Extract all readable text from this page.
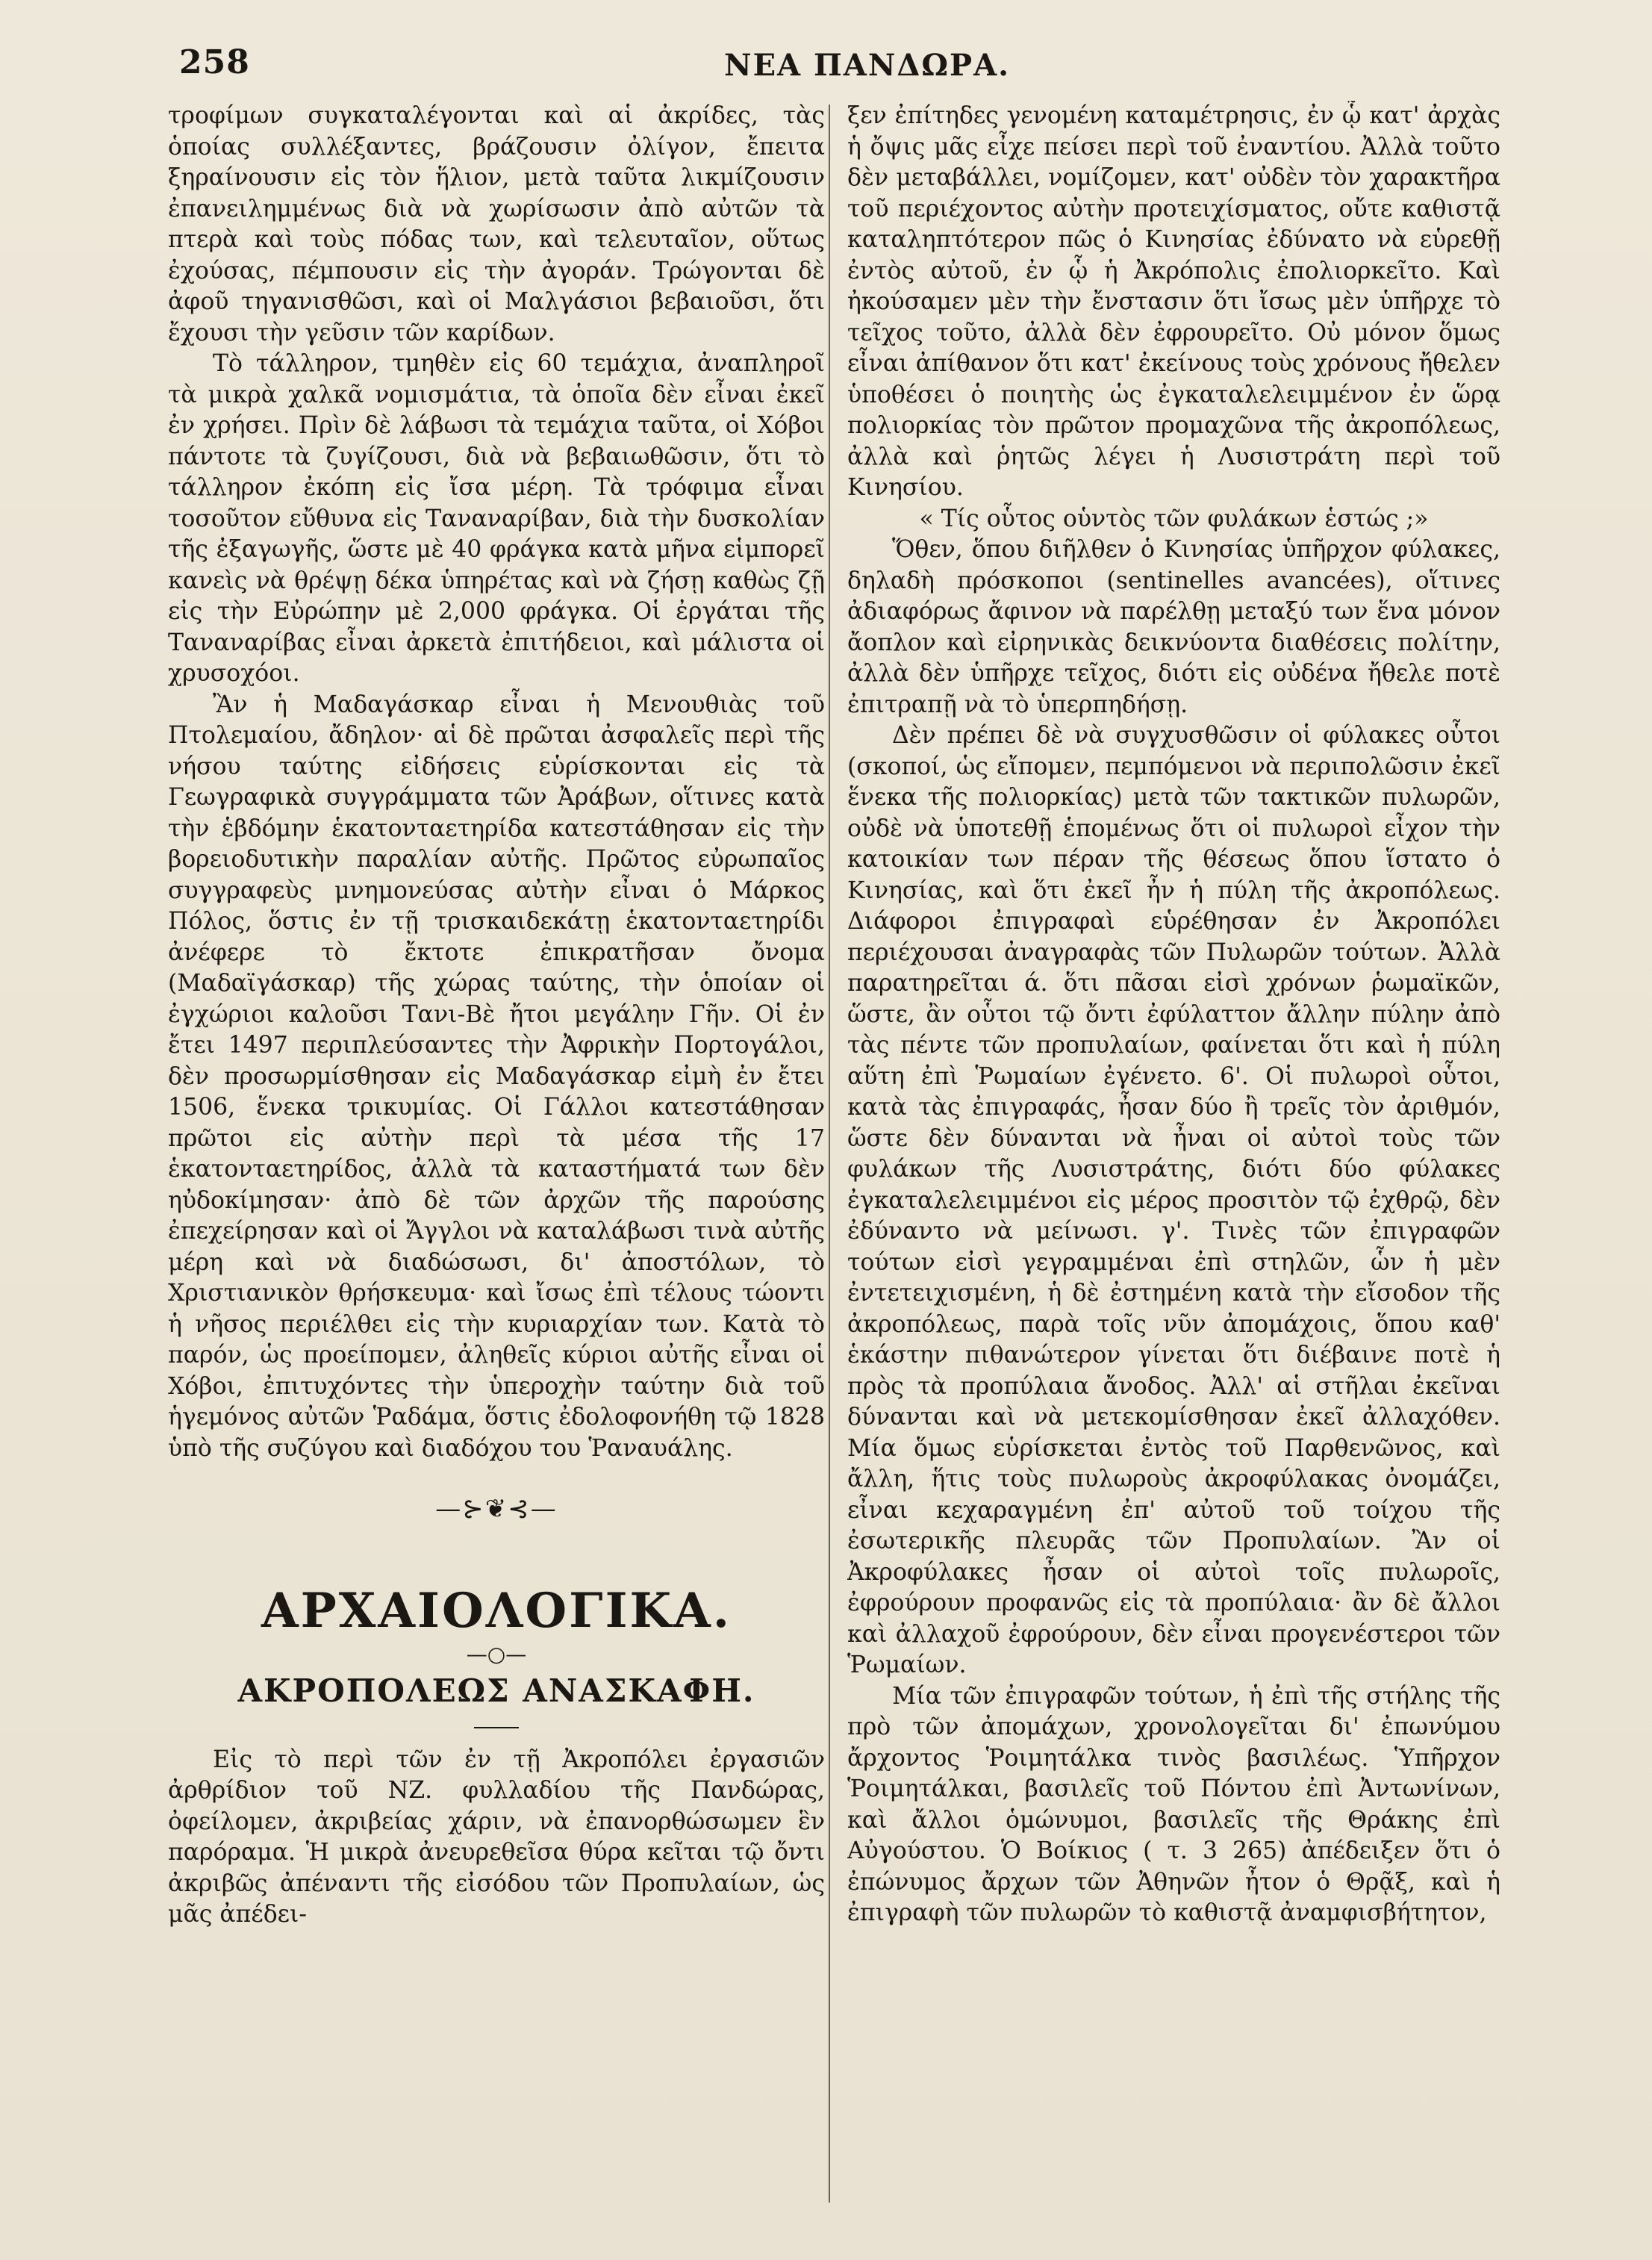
258	ΝΕΑ ΠΑΝΔΩΡΑ.

τροφίμων συγκαταλέγονται καὶ αἱ ἀκρίδες, τὰς ὁποίας συλλέξαντες, βράζουσιν ὀλίγον, ἔπειτα ξηραίνουσιν εἰς τὸν ἥλιον, μετὰ ταῦτα λικμίζουσιν ἐπανειλημμένως διὰ νὰ χωρίσωσιν ἀπὸ αὐτῶν τὰ πτερὰ καὶ τοὺς πόδας των, καὶ τελευταῖον, οὕτως ἐχούσας, πέμπουσιν εἰς τὴν ἀγοράν. Τρώγονται δὲ ἀφοῦ τηγανισθῶσι, καὶ οἱ Μαλγάσιοι βεβαιοῦσι, ὅτι ἔχουσι τὴν γεῦσιν τῶν καρίδων.

Τὸ τάλληρον, τμηθὲν εἰς 60 τεμάχια, ἀναπληροῖ τὰ μικρὰ χαλκᾶ νομισμάτια, τὰ ὁποῖα δὲν εἶναι ἐκεῖ ἐν χρήσει. Πρὶν δὲ λάβωσι τὰ τεμάχια ταῦτα, οἱ Χόβοι πάντοτε τὰ ζυγίζουσι, διὰ νὰ βεβαιωθῶσιν, ὅτι τὸ τάλληρον ἐκόπη εἰς ἴσα μέρη. Τὰ τρόφιμα εἶναι τοσοῦτον εὔθυνα εἰς Ταναναρίβαν, διὰ τὴν δυσκολίαν τῆς ἐξαγωγῆς, ὥστε μὲ 40 φράγκα κατὰ μῆνα εἱμπορεῖ κανεὶς νὰ θρέψῃ δέκα ὑπηρέτας καὶ νὰ ζήσῃ καθὼς ζῇ εἰς τὴν Εὐρώπην μὲ 2,000 φράγκα. Οἱ ἐργάται τῆς Ταναναρίβας εἶναι ἀρκετὰ ἐπιτήδειοι, καὶ μάλιστα οἱ χρυσοχόοι.

Ἂν ἡ Μαδαγάσκαρ εἶναι ἡ Μενουθιὰς τοῦ Πτολεμαίου, ἄδηλον· αἱ δὲ πρῶται ἀσφαλεῖς περὶ τῆς νήσου ταύτης εἰδήσεις εὑρίσκονται εἰς τὰ Γεωγραφικὰ συγγράμματα τῶν Ἀράβων, οἵτινες κατὰ τὴν ἑβδόμην ἑκατονταετηρίδα κατεστάθησαν εἰς τὴν βορειοδυτικὴν παραλίαν αὐτῆς. Πρῶτος εὐρωπαῖος συγγραφεὺς μνημονεύσας αὐτὴν εἶναι ὁ Μάρκος Πόλος, ὅστις ἐν τῇ τρισκαιδεκάτῃ ἑκατονταετηρίδι ἀνέφερε τὸ ἔκτοτε ἐπικρατῆσαν ὄνομα (Μαδαϊγάσκαρ) τῆς χώρας ταύτης, τὴν ὁποίαν οἱ ἐγχώριοι καλοῦσι Τανι-Βὲ ἤτοι μεγάλην Γῆν. Οἱ ἐν ἔτει 1497 περιπλεύσαντες τὴν Ἀφρικὴν Πορτογάλοι, δὲν προσωρμίσθησαν εἰς Μαδαγάσκαρ εἰμὴ ἐν ἔτει 1506, ἕνεκα τρικυμίας. Οἱ Γάλλοι κατεστάθησαν πρῶτοι εἰς αὐτὴν περὶ τὰ μέσα τῆς 17 ἑκατονταετηρίδος, ἀλλὰ τὰ καταστήματά των δὲν ηὐδοκίμησαν· ἀπὸ δὲ τῶν ἀρχῶν τῆς παρούσης ἐπεχείρησαν καὶ οἱ Ἄγγλοι νὰ καταλάβωσι τινὰ αὐτῆς μέρη καὶ νὰ διαδώσωσι, δι' ἀποστόλων, τὸ Χριστιανικὸν θρήσκευμα· καὶ ἴσως ἐπὶ τέλους τώοντι ἡ νῆσος περιέλθει εἰς τὴν κυριαρχίαν των. Κατὰ τὸ παρόν, ὡς προείπομεν, ἀληθεῖς κύριοι αὐτῆς εἶναι οἱ Χόβοι, ἐπιτυχόντες τὴν ὑπεροχὴν ταύτην διὰ τοῦ ἡγεμόνος αὐτῶν Ῥαδάμα, ὅστις ἐδολοφονήθη τῷ 1828 ὑπὸ τῆς συζύγου καὶ διαδόχου του Ῥαναυάλης.

—⊱❦⊰—
ΑΡΧΑΙΟΛΟΓΙΚΑ.
—○—
ΑΚΡΟΠΟΛΕΩΣ ΑΝΑΣΚΑΦΗ.

Εἰς τὸ περὶ τῶν ἐν τῇ Ἀκροπόλει ἐργασιῶν ἀρθρίδιον τοῦ ΝΖ. φυλλαδίου τῆς Πανδώρας, ὀφείλομεν, ἀκριβείας χάριν, νὰ ἐπανορθώσωμεν ἓν παρόραμα. Ἡ μικρὰ ἀνευρεθεῖσα θύρα κεῖται τῷ ὄντι ἀκριβῶς ἀπέναντι τῆς εἰσόδου τῶν Προπυλαίων, ὡς μᾶς ἀπέδει-

ξεν ἐπίτηδες γενομένη καταμέτρησις, ἐν ᾧ κατ' ἀρχὰς ἡ ὄψις μᾶς εἶχε πείσει περὶ τοῦ ἐναντίου. Ἀλλὰ τοῦτο δὲν μεταβάλλει, νομίζομεν, κατ' οὐδὲν τὸν χαρακτῆρα τοῦ περιέχοντος αὐτὴν προτειχίσματος, οὔτε καθιστᾷ καταληπτότερον πῶς ὁ Κινησίας ἐδύνατο νὰ εὑρεθῇ ἐντὸς αὐτοῦ, ἐν ᾧ ἡ Ἀκρόπολις ἐπολιορκεῖτο. Καὶ ἠκούσαμεν μὲν τὴν ἔνστασιν ὅτι ἴσως μὲν ὑπῆρχε τὸ τεῖχος τοῦτο, ἀλλὰ δὲν ἐφρουρεῖτο. Οὐ μόνον ὅμως εἶναι ἀπίθανον ὅτι κατ' ἐκείνους τοὺς χρόνους ἤθελεν ὑποθέσει ὁ ποιητὴς ὡς ἐγκαταλελειμμένον ἐν ὥρᾳ πολιορκίας τὸν πρῶτον προμαχῶνα τῆς ἀκροπόλεως, ἀλλὰ καὶ ῥητῶς λέγει ἡ Λυσιστράτη περὶ τοῦ Κινησίου.

« Τίς οὗτος οὑντὸς τῶν φυλάκων ἑστώς ;»

Ὅθεν, ὅπου διῆλθεν ὁ Κινησίας ὑπῆρχον φύλακες, δηλαδὴ πρόσκοποι (sentinelles avancées), οἵτινες ἀδιαφόρως ἄφινον νὰ παρέλθῃ μεταξύ των ἕνα μόνον ἄοπλον καὶ εἰρηνικὰς δεικνύοντα διαθέσεις πολίτην, ἀλλὰ δὲν ὑπῆρχε τεῖχος, διότι εἰς οὐδένα ἤθελε ποτὲ ἐπιτραπῇ νὰ τὸ ὑπερπηδήσῃ.

Δὲν πρέπει δὲ νὰ συγχυσθῶσιν οἱ φύλακες οὗτοι (σκοποί, ὡς εἴπομεν, πεμπόμενοι νὰ περιπολῶσιν ἐκεῖ ἕνεκα τῆς πολιορκίας) μετὰ τῶν τακτικῶν πυλωρῶν, οὐδὲ νὰ ὑποτεθῇ ἑπομένως ὅτι οἱ πυλωροὶ εἶχον τὴν κατοικίαν των πέραν τῆς θέσεως ὅπου ἵστατο ὁ Κινησίας, καὶ ὅτι ἐκεῖ ἦν ἡ πύλη τῆς ἀκροπόλεως. Διάφοροι ἐπιγραφαὶ εὑρέθησαν ἐν Ἀκροπόλει περιέχουσαι ἀναγραφὰς τῶν Πυλωρῶν τούτων. Ἀλλὰ παρατηρεῖται ά. ὅτι πᾶσαι εἰσὶ χρόνων ῥωμαϊκῶν, ὥστε, ἂν οὗτοι τῷ ὄντι ἐφύλαττον ἄλλην πύλην ἀπὸ τὰς πέντε τῶν προπυλαίων, φαίνεται ὅτι καὶ ἡ πύλη αὕτη ἐπὶ Ῥωμαίων ἐγένετο. 6'. Οἱ πυλωροὶ οὗτοι, κατὰ τὰς ἐπιγραφάς, ἦσαν δύο ἢ τρεῖς τὸν ἀριθμόν, ὥστε δὲν δύνανται νὰ ἦναι οἱ αὐτοὶ τοὺς τῶν φυλάκων τῆς Λυσιστράτης, διότι δύο φύλακες ἐγκαταλελειμμένοι εἰς μέρος προσιτὸν τῷ ἐχθρῷ, δὲν ἐδύναντο νὰ μείνωσι. γ'. Τινὲς τῶν ἐπιγραφῶν τούτων εἰσὶ γεγραμμέναι ἐπὶ στηλῶν, ὧν ἡ μὲν ἐντετειχισμένη, ἡ δὲ ἐστημένη κατὰ τὴν εἴσοδον τῆς ἀκροπόλεως, παρὰ τοῖς νῦν ἀπομάχοις, ὅπου καθ' ἑκάστην πιθανώτερον γίνεται ὅτι διέβαινε ποτὲ ἡ πρὸς τὰ προπύλαια ἄνοδος. Ἀλλ' αἱ στῆλαι ἐκεῖναι δύνανται καὶ νὰ μετεκομίσθησαν ἐκεῖ ἀλλαχόθεν. Μία ὅμως εὑρίσκεται ἐντὸς τοῦ Παρθενῶνος, καὶ ἄλλη, ἥτις τοὺς πυλωροὺς ἀκροφύλακας ὀνομάζει, εἶναι κεχαραγμένη ἐπ' αὐτοῦ τοῦ τοίχου τῆς ἐσωτερικῆς πλευρᾶς τῶν Προπυλαίων. Ἂν οἱ Ἀκροφύλακες ἦσαν οἱ αὐτοὶ τοῖς πυλωροῖς, ἐφρούρουν προφανῶς εἰς τὰ προπύλαια· ἂν δὲ ἄλλοι καὶ ἀλλαχοῦ ἐφρούρουν, δὲν εἶναι προγενέστεροι τῶν Ῥωμαίων.

Μία τῶν ἐπιγραφῶν τούτων, ἡ ἐπὶ τῆς στήλης τῆς πρὸ τῶν ἀπομάχων, χρονολογεῖται δι' ἐπωνύμου ἄρχοντος Ῥοιμητάλκα τινὸς βασιλέως. Ὑπῆρχον Ῥοιμητάλκαι, βασιλεῖς τοῦ Πόντου ἐπὶ Ἀντωνίνων, καὶ ἄλλοι ὁμώνυμοι, βασιλεῖς τῆς Θράκης ἐπὶ Αὐγούστου. Ὁ Βοίκιος ( τ. 3 265) ἀπέδειξεν ὅτι ὁ ἐπώνυμος ἄρχων τῶν Ἀθηνῶν ἦτον ὁ Θρᾷξ, καὶ ἡ ἐπιγραφὴ τῶν πυλωρῶν τὸ καθιστᾷ ἀναμφισβήτητον,
